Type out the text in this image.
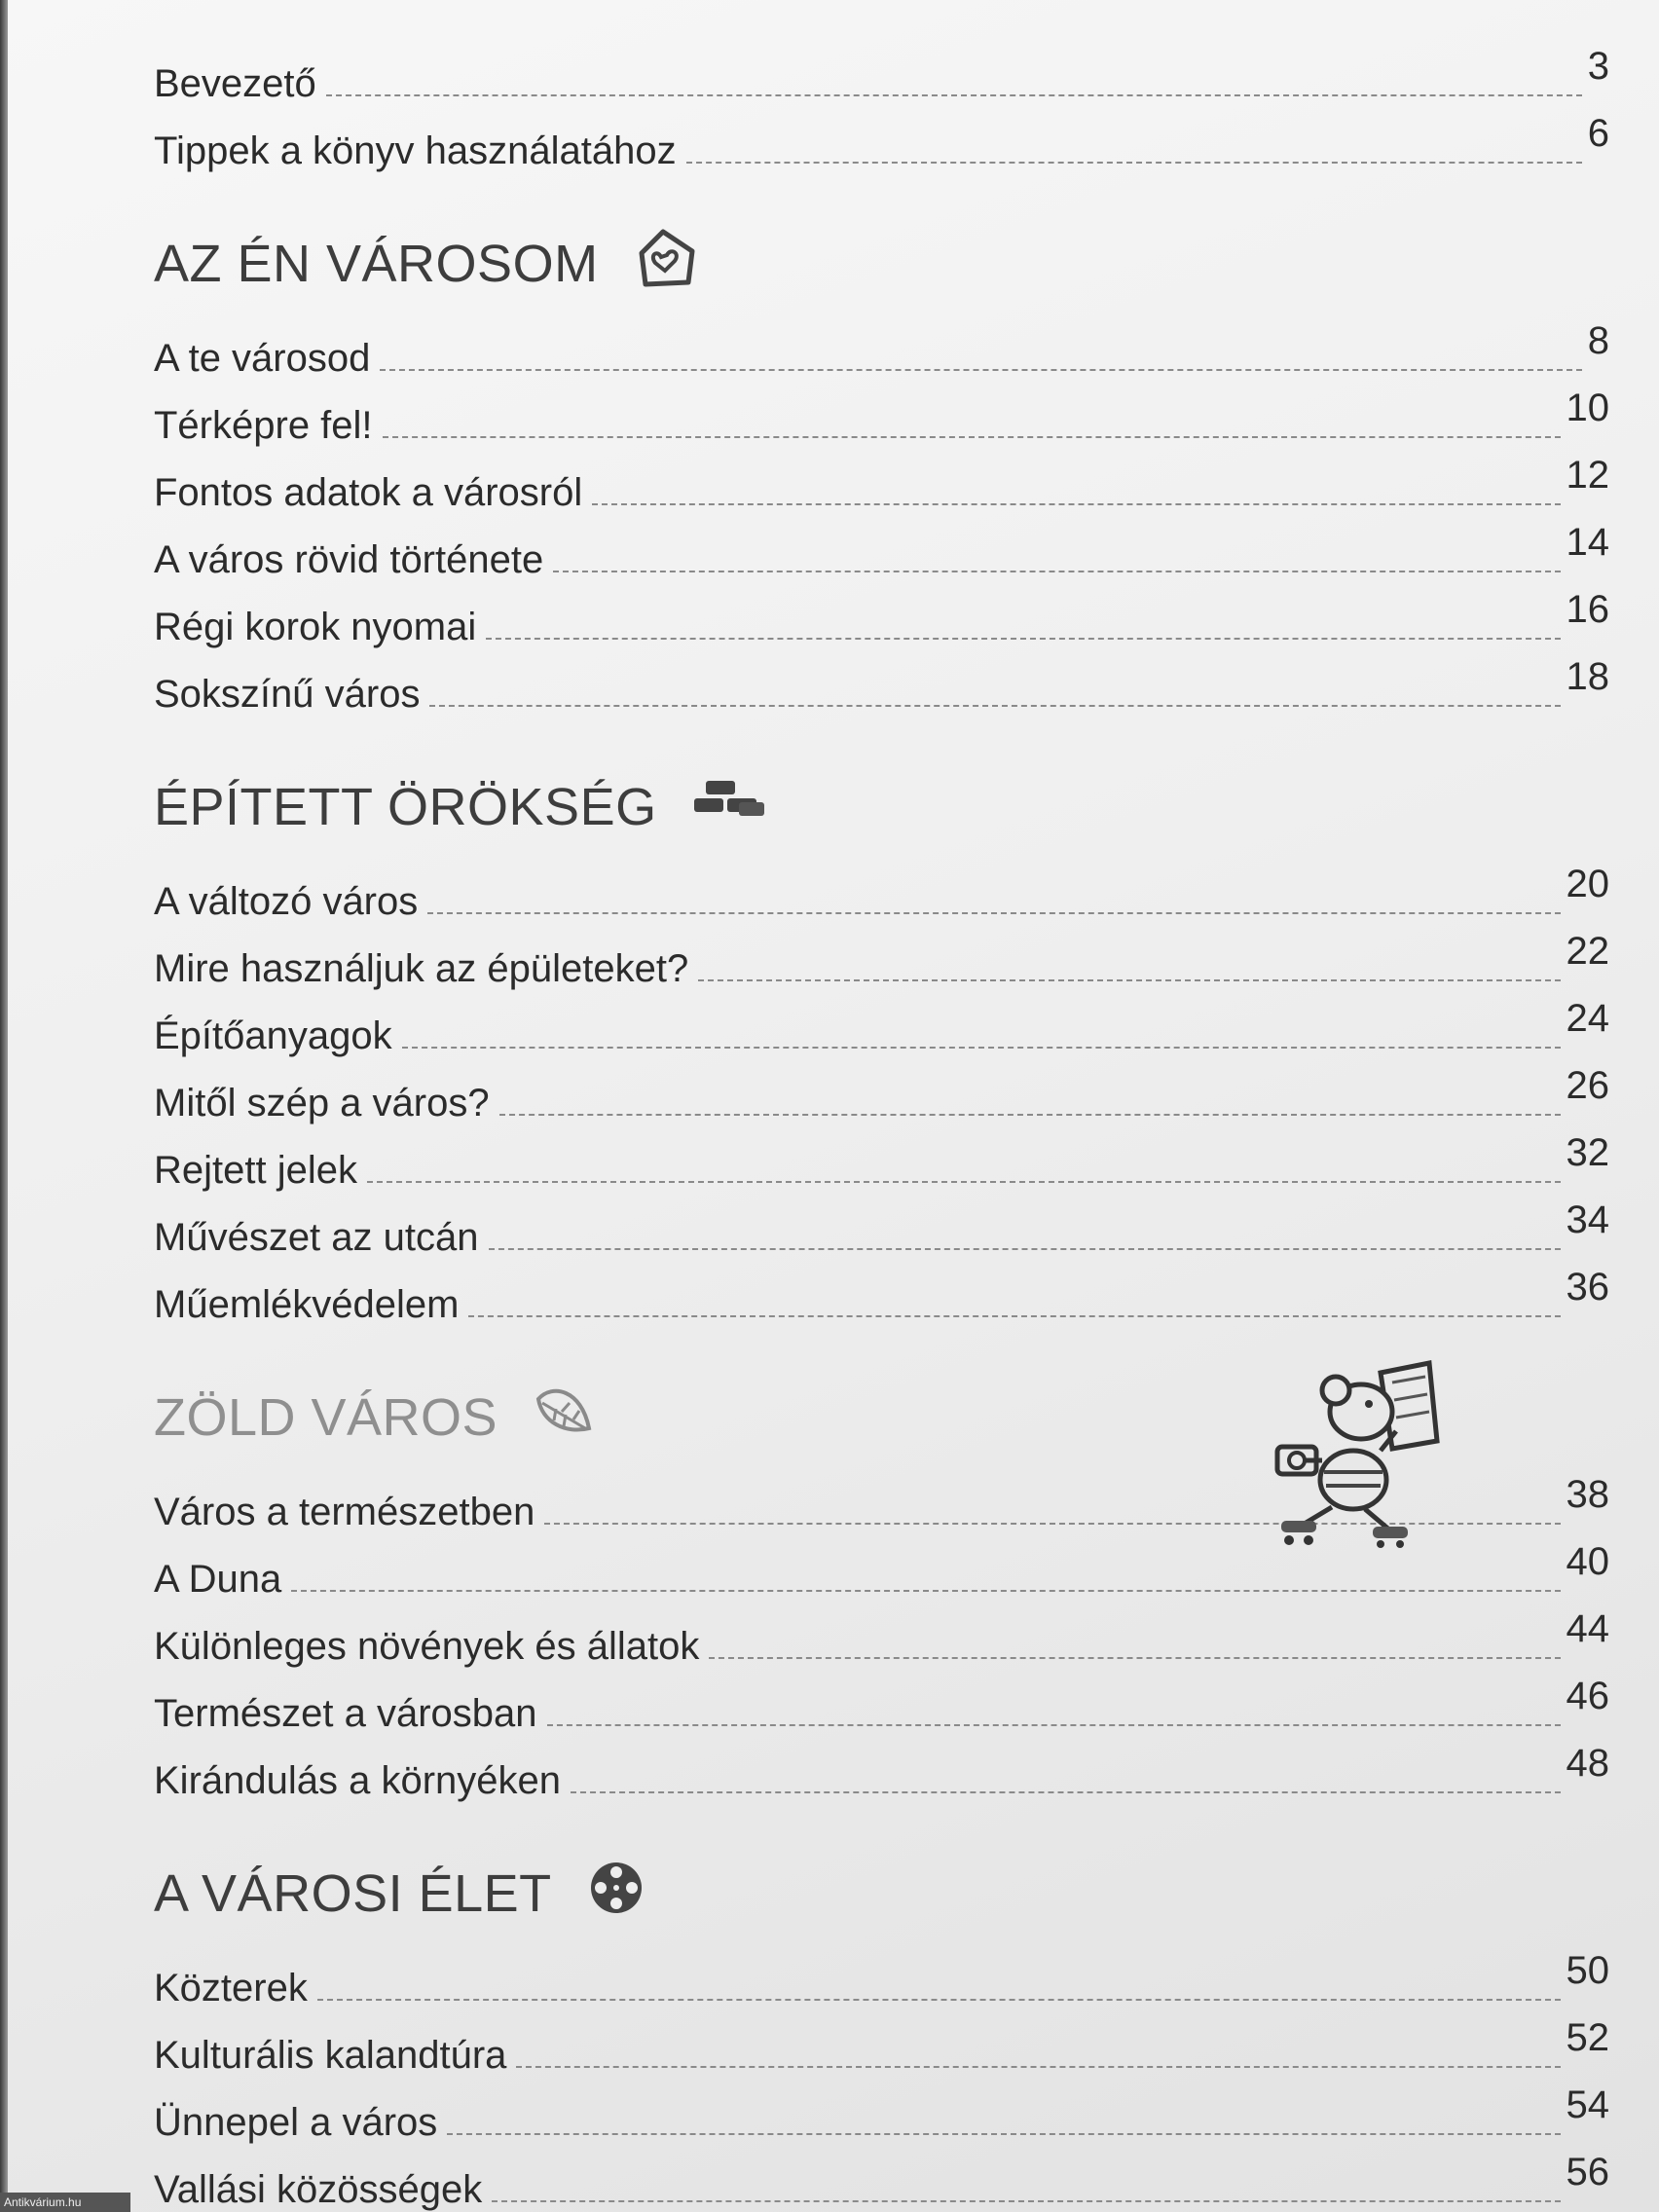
Bevezető	3
Tippek a könyv használatához	6
AZ ÉN VÁROSOM
A te városod	8
Térképre fel!	10
Fontos adatok a városról	12
A város rövid története	14
Régi korok nyomai	16
Sokszínű város	18
ÉPÍTETT ÖRÖKSÉG
A változó város	20
Mire használjuk az épületeket?	22
Építőanyagok	24
Mitől szép a város?	26
Rejtett jelek	32
Művészet az utcán	34
Műemlékvédelem	36
ZÖLD VÁROS
Város a természetben	38
A Duna	40
Különleges növények és állatok	44
Természet a városban	46
Kirándulás a környéken	48
A VÁROSI ÉLET
Közterek	50
Kulturális kalandtúra	52
Ünnepel a város	54
Vallási közösségek	56
Antikvárium.hu
